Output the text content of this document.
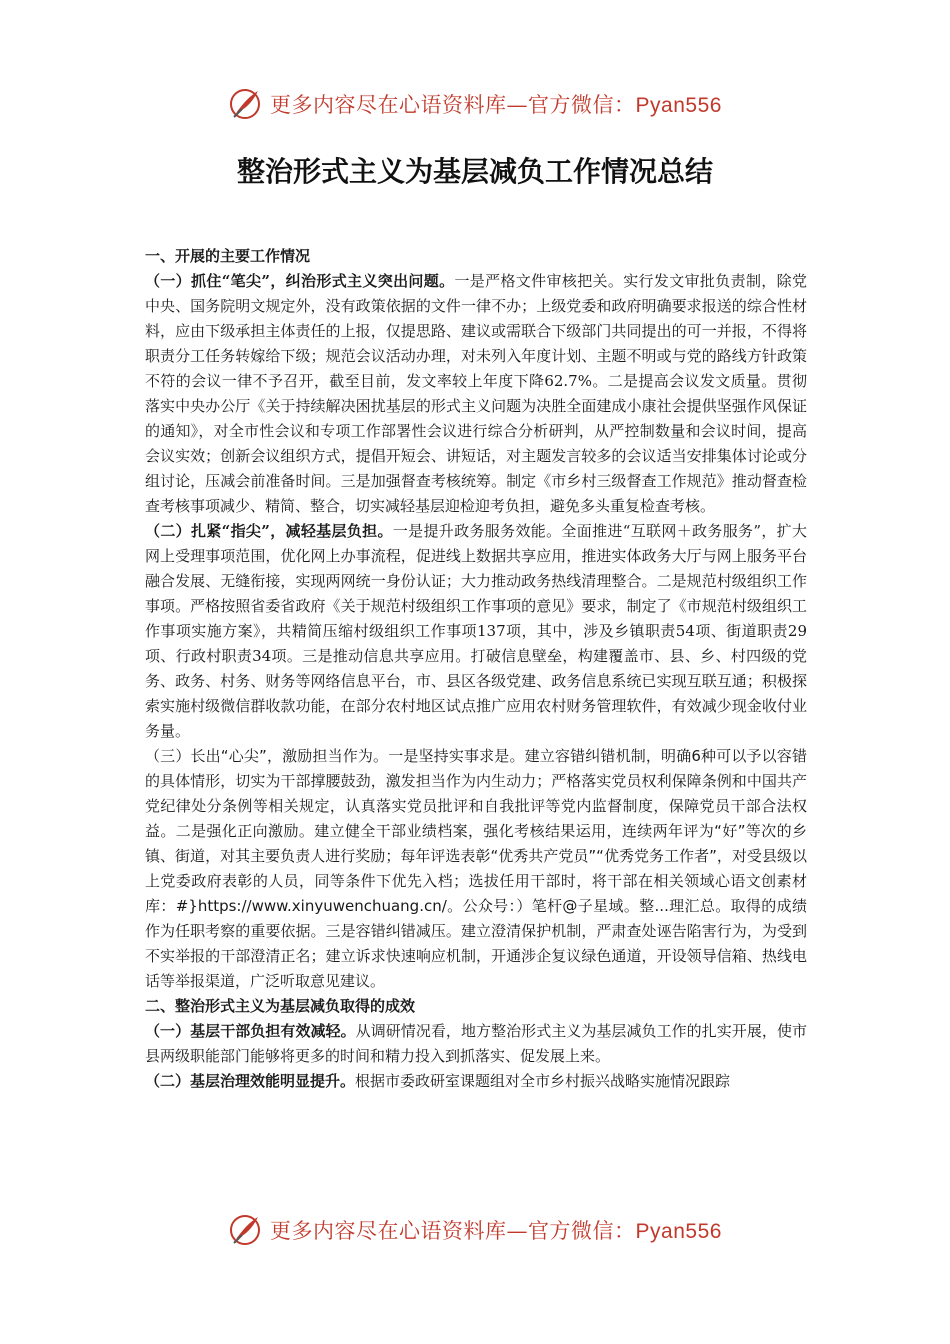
更多内容尽在心语资料库—官方微信：Pyan556
整治形式主义为基层减负工作情况总结

一、开展的主要工作情况

（一）抓住“笔尖”，纠治形式主义突出问题。一是严格文件审核把关。实行发文审批负责制，除党中央、国务院明文规定外，没有政策依据的文件一律不办；上级党委和政府明确要求报送的综合性材料，应由下级承担主体责任的上报，仅提思路、建议或需联合下级部门共同提出的可一并报，不得将职责分工任务转嫁给下级；规范会议活动办理，对未列入年度计划、主题不明或与党的路线方针政策不符的会议一律不予召开，截至目前，发文率较上年度下降62.7%。二是提高会议发文质量。贯彻落实中央办公厅《关于持续解决困扰基层的形式主义问题为决胜全面建成小康社会提供坚强作风保证的通知》，对全市性会议和专项工作部署性会议进行综合分析研判，从严控制数量和会议时间，提高会议实效；创新会议组织方式，提倡开短会、讲短话，对主题发言较多的会议适当安排集体讨论或分组讨论，压减会前准备时间。三是加强督查考核统筹。制定《市乡村三级督查工作规范》推动督查检查考核事项减少、精简、整合，切实减轻基层迎检迎考负担，避免多头重复检查考核。

（二）扎紧“指尖”，减轻基层负担。一是提升政务服务效能。全面推进“互联网＋政务服务”，扩大网上受理事项范围，优化网上办事流程，促进线上数据共享应用，推进实体政务大厅与网上服务平台融合发展、无缝衔接，实现两网统一身份认证；大力推动政务热线清理整合。二是规范村级组织工作事项。严格按照省委省政府《关于规范村级组织工作事项的意见》要求，制定了《市规范村级组织工作事项实施方案》，共精简压缩村级组织工作事项137项，其中，涉及乡镇职责54项、街道职责29项、行政村职责34项。三是推动信息共享应用。打破信息壁垒，构建覆盖市、县、乡、村四级的党务、政务、村务、财务等网络信息平台，市、县区各级党建、政务信息系统已实现互联互通；积极探索实施村级微信群收款功能，在部分农村地区试点推广应用农村财务管理软件，有效减少现金收付业务量。

（三）长出“心尖”，激励担当作为。一是坚持实事求是。建立容错纠错机制，明确6种可以予以容错的具体情形，切实为干部撑腰鼓劲，激发担当作为内生动力；严格落实党员权利保障条例和中国共产党纪律处分条例等相关规定，认真落实党员批评和自我批评等党内监督制度，保障党员干部合法权益。二是强化正向激励。建立健全干部业绩档案，强化考核结果运用，连续两年评为“好”等次的乡镇、街道，对其主要负责人进行奖励；每年评选表彰“优秀共产党员”“优秀党务工作者”，对受县级以上党委政府表彰的人员，同等条件下优先入档；选拔任用干部时，将干部在相关领域心语文创素材库：#}https://www.xinyuwenchuang.cn/。公众号：）笔杆@子星域。整...理汇总。取得的成绩作为任职考察的重要依据。三是容错纠错减压。建立澄清保护机制，严肃查处诬告陷害行为，为受到不实举报的干部澄清正名；建立诉求快速响应机制，开通涉企复议绿色通道，开设领导信箱、热线电话等举报渠道，广泛听取意见建议。

二、整治形式主义为基层减负取得的成效

（一）基层干部负担有效减轻。从调研情况看，地方整治形式主义为基层减负工作的扎实开展，使市县两级职能部门能够将更多的时间和精力投入到抓落实、促发展上来。

（二）基层治理效能明显提升。根据市委政研室课题组对全市乡村振兴战略实施情况跟踪

更多内容尽在心语资料库—官方微信：Pyan556
